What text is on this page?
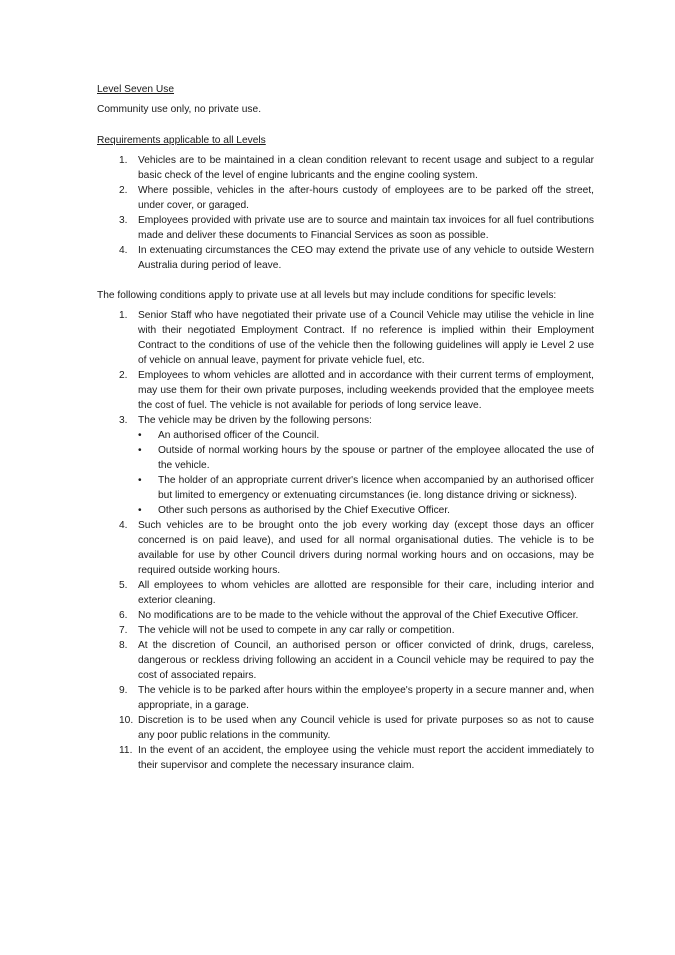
Level Seven Use

Community use only, no private use.

Requirements applicable to all Levels

1.	Vehicles are to be maintained in a clean condition relevant to recent usage and subject to a regular basic check of the level of engine lubricants and the engine cooling system.
2.	Where possible, vehicles in the after-hours custody of employees are to be parked off the street, under cover, or garaged.
3.	Employees provided with private use are to source and maintain tax invoices for all fuel contributions made and deliver these documents to Financial Services as soon as possible.
4.	In extenuating circumstances the CEO may extend the private use of any vehicle to outside Western Australia during period of leave.

The following conditions apply to private use at all levels but may include conditions for specific levels:

1.	Senior Staff who have negotiated their private use of a Council Vehicle may utilise the vehicle in line with their negotiated Employment Contract. If no reference is implied within their Employment Contract to the conditions of use of the vehicle then the following guidelines will apply ie Level 2 use of vehicle on annual leave, payment for private vehicle fuel, etc.
2.	Employees to whom vehicles are allotted and in accordance with their current terms of employment, may use them for their own private purposes, including weekends provided that the employee meets the cost of fuel. The vehicle is not available for periods of long service leave.
3.	The vehicle may be driven by the following persons:
• An authorised officer of the Council.
• Outside of normal working hours by the spouse or partner of the employee allocated the use of the vehicle.
• The holder of an appropriate current driver's licence when accompanied by an authorised officer but limited to emergency or extenuating circumstances (ie. long distance driving or sickness).
• Other such persons as authorised by the Chief Executive Officer.
4.	Such vehicles are to be brought onto the job every working day (except those days an officer concerned is on paid leave), and used for all normal organisational duties. The vehicle is to be available for use by other Council drivers during normal working hours and on occasions, may be required outside working hours.
5.	All employees to whom vehicles are allotted are responsible for their care, including interior and exterior cleaning.
6.	No modifications are to be made to the vehicle without the approval of the Chief Executive Officer.
7.	The vehicle will not be used to compete in any car rally or competition.
8.	At the discretion of Council, an authorised person or officer convicted of drink, drugs, careless, dangerous or reckless driving following an accident in a Council vehicle may be required to pay the cost of associated repairs.
9.	The vehicle is to be parked after hours within the employee's property in a secure manner and, when appropriate, in a garage.
10. Discretion is to be used when any Council vehicle is used for private purposes so as not to cause any poor public relations in the community.
11. In the event of an accident, the employee using the vehicle must report the accident immediately to their supervisor and complete the necessary insurance claim.
